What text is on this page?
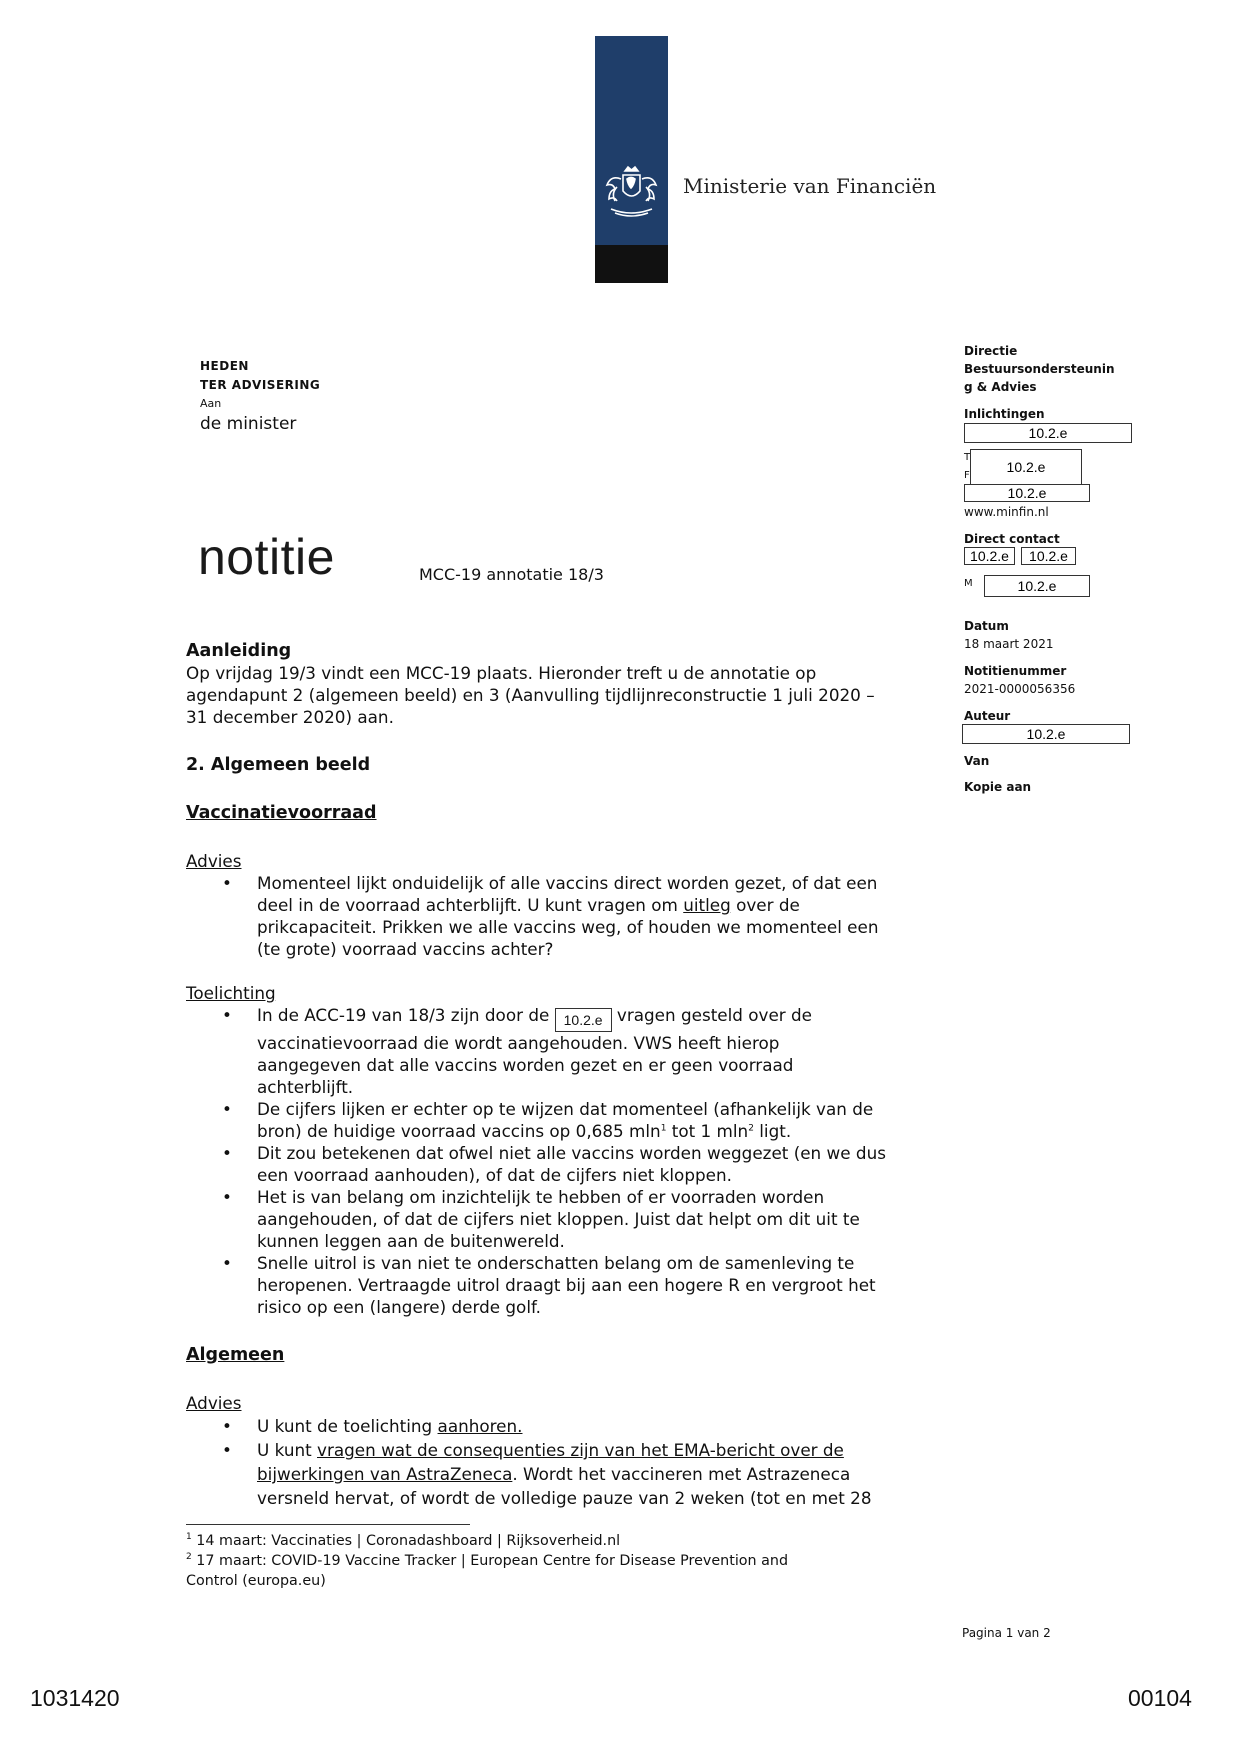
Ministerie van Financiën
HEDEN
TER ADVISERING
Aan
de minister
notitie	MCC-19 annotatie 18/3
Directie
Bestuursondersteunin
g & Advies
Inlichtingen
10.2.e
T
F
10.2.e
10.2.e
www.minfin.nl
Direct contact
10.2.e	10.2.e
M	10.2.e
Datum
18 maart 2021
Notitienummer
2021-0000056356
Auteur
10.2.e
Van
Kopie aan

Aanleiding

Op vrijdag 19/3 vindt een MCC-19 plaats. Hieronder treft u de annotatie op

agendapunt 2 (algemeen beeld) en 3 (Aanvulling tijdlijnreconstructie 1 juli 2020 –

31 december 2020) aan.

2. Algemeen beeld

Vaccinatievoorraad

Advies

• Momenteel lijkt onduidelijk of alle vaccins direct worden gezet, of dat een

deel in de voorraad achterblijft. U kunt vragen om uitleg over de

prikcapaciteit. Prikken we alle vaccins weg, of houden we momenteel een

(te grote) voorraad vaccins achter?

Toelichting

• In de ACC-19 van 18/3 zijn door de 10.2.e vragen gesteld over de

vaccinatievoorraad die wordt aangehouden. VWS heeft hierop

aangegeven dat alle vaccins worden gezet en er geen voorraad

achterblijft.

• De cijfers lijken er echter op te wijzen dat momenteel (afhankelijk van de

bron) de huidige voorraad vaccins op 0,685 mln$^1$ tot 1 mln$^2$ ligt.

• Dit zou betekenen dat ofwel niet alle vaccins worden weggezet (en we dus

een voorraad aanhouden), of dat de cijfers niet kloppen.

• Het is van belang om inzichtelijk te hebben of er voorraden worden

aangehouden, of dat de cijfers niet kloppen. Juist dat helpt om dit uit te

kunnen leggen aan de buitenwereld.

• Snelle uitrol is van niet te onderschatten belang om de samenleving te

heropenen. Vertraagde uitrol draagt bij aan een hogere R en vergroot het

risico op een (langere) derde golf.

Algemeen

Advies

• U kunt de toelichting aanhoren.

• U kunt vragen wat de consequenties zijn van het EMA-bericht over de

bijwerkingen van AstraZeneca. Wordt het vaccineren met Astrazeneca

versneld hervat, of wordt de volledige pauze van 2 weken (tot en met 28

$^1$ 14 maart: Vaccinaties | Coronadashboard | Rijksoverheid.nl

$^2$ 17 maart: COVID-19 Vaccine Tracker | European Centre for Disease Prevention and

Control (europa.eu)

Pagina 1 van 2
1031420	00104
